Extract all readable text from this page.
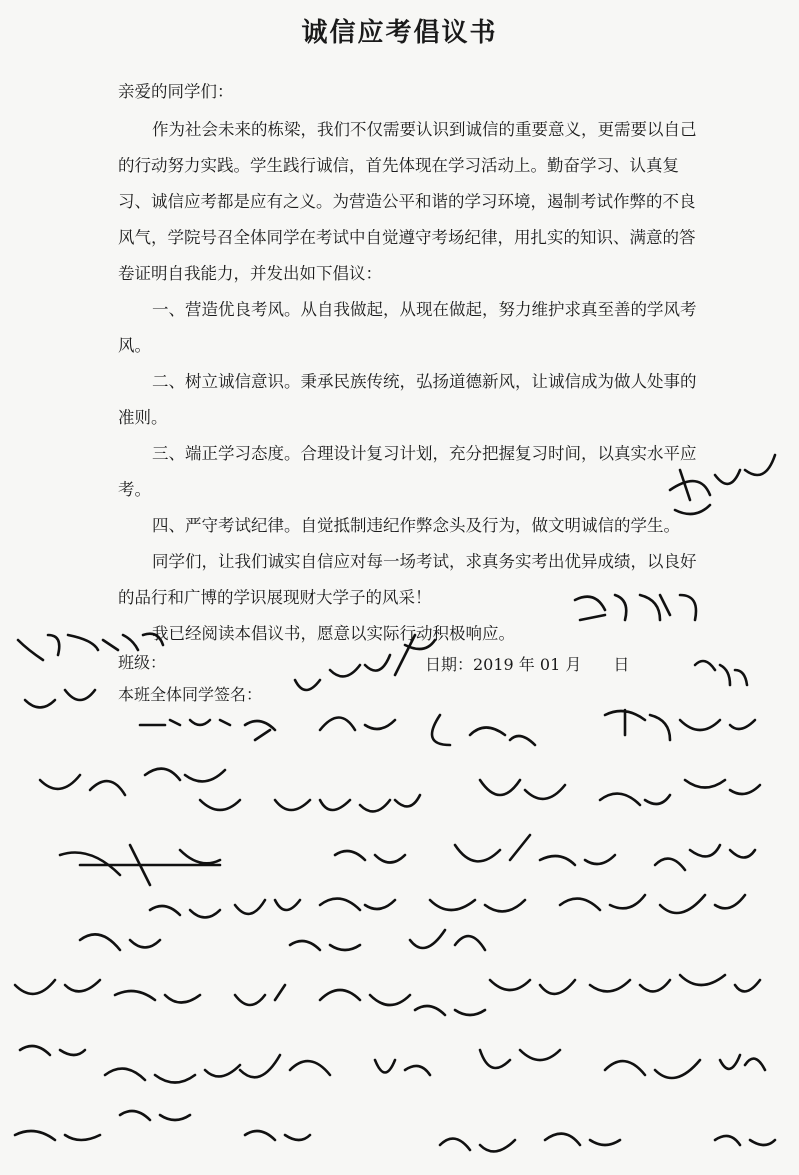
诚信应考倡议书
亲爱的同学们：
作为社会未来的栋梁，我们不仅需要认识到诚信的重要意义，更需要以自己的行动努力实践。学生践行诚信，首先体现在学习活动上。勤奋学习、认真复习、诚信应考都是应有之义。为营造公平和谐的学习环境，遏制考试作弊的不良风气，学院号召全体同学在考试中自觉遵守考场纪律，用扎实的知识、满意的答卷证明自我能力，并发出如下倡议：
一、营造优良考风。从自我做起，从现在做起，努力维护求真至善的学风考风。
二、树立诚信意识。秉承民族传统，弘扬道德新风，让诚信成为做人处事的准则。
三、端正学习态度。合理设计复习计划，充分把握复习时间，以真实水平应考。
四、严守考试纪律。自觉抵制违纪作弊念头及行为，做文明诚信的学生。
同学们，让我们诚实自信应对每一场考试，求真务实考出优异成绩，以良好的品行和广博的学识展现财大学子的风采！
我已经阅读本倡议书，愿意以实际行动积极响应。
班级：	日期：2019 年 01 月　　日
本班全体同学签名：
